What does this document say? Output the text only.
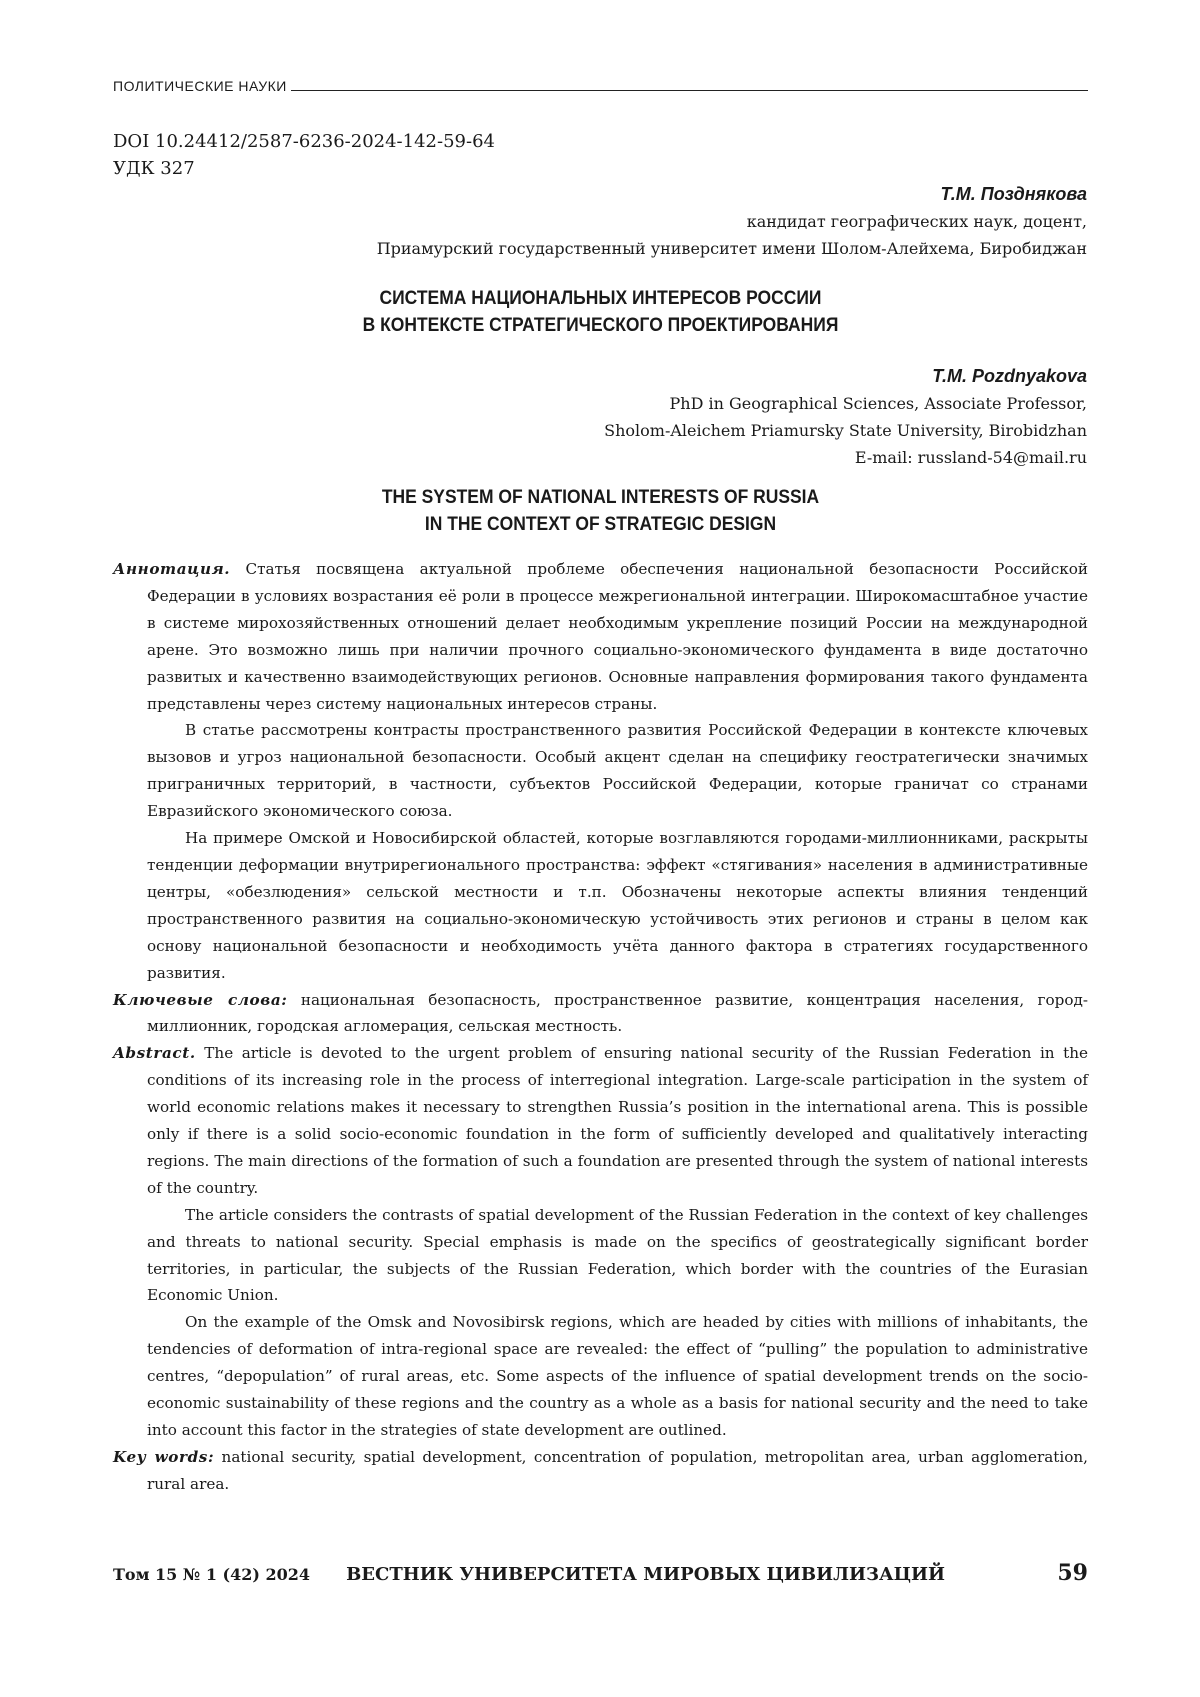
ПОЛИТИЧЕСКИЕ НАУКИ
DOI 10.24412/2587-6236-2024-142-59-64
УДК 327
Т.М. Позднякова
кандидат географических наук, доцент,
Приамурский государственный университет имени Шолом-Алейхема, Биробиджан
СИСТЕМА НАЦИОНАЛЬНЫХ ИНТЕРЕСОВ РОССИИ
В КОНТЕКСТЕ СТРАТЕГИЧЕСКОГО ПРОЕКТИРОВАНИЯ
T.M. Pozdnyakova
PhD in Geographical Sciences, Associate Professor,
Sholom-Aleichem Priamursky State University, Birobidzhan
E-mail: russland-54@mail.ru
THE SYSTEM OF NATIONAL INTERESTS OF RUSSIA
IN THE CONTEXT OF STRATEGIC DESIGN

Аннотация. Статья посвящена актуальной проблеме обеспечения национальной безопасности Российской Федерации в условиях возрастания её роли в процессе межрегиональной интеграции. Широкомасштабное участие в системе мирохозяйственных отношений делает необходимым укрепление позиций России на международной арене. Это возможно лишь при наличии прочного социально-экономического фундамента в виде достаточно развитых и качественно взаимодействующих регионов. Основные направления формирования такого фундамента представлены через систему национальных интересов страны.

В статье рассмотрены контрасты пространственного развития Российской Федерации в контексте ключевых вызовов и угроз национальной безопасности. Особый акцент сделан на специфику геостратегически значимых приграничных территорий, в частности, субъектов Российской Федерации, которые граничат со странами Евразийского экономического союза.

На примере Омской и Новосибирской областей, которые возглавляются городами-миллионниками, раскрыты тенденции деформации внутрирегионального пространства: эффект «стягивания» населения в административные центры, «обезлюдения» сельской местности и т.п. Обозначены некоторые аспекты влияния тенденций пространственного развития на социально-экономическую устойчивость этих регионов и страны в целом как основу национальной безопасности и необходимость учёта данного фактора в стратегиях государственного развития.

Ключевые слова: национальная безопасность, пространственное развитие, концентрация населения, город-миллионник, городская агломерация, сельская местность.

Abstract. The article is devoted to the urgent problem of ensuring national security of the Russian Federation in the conditions of its increasing role in the process of interregional integration. Large-scale participation in the system of world economic relations makes it necessary to strengthen Russia’s position in the international arena. This is possible only if there is a solid socio-economic foundation in the form of sufficiently developed and qualitatively interacting regions. The main directions of the formation of such a foundation are presented through the system of national interests of the country.

The article considers the contrasts of spatial development of the Russian Federation in the context of key challenges and threats to national security. Special emphasis is made on the specifics of geostrategically significant border territories, in particular, the subjects of the Russian Federation, which border with the countries of the Eurasian Economic Union.

On the example of the Omsk and Novosibirsk regions, which are headed by cities with millions of inhabitants, the tendencies of deformation of intra-regional space are revealed: the effect of “pulling” the population to administrative centres, “depopulation” of rural areas, etc. Some aspects of the influence of spatial development trends on the socio-economic sustainability of these regions and the country as a whole as a basis for national security and the need to take into account this factor in the strategies of state development are outlined.

Key words: national security, spatial development, concentration of population, metropolitan area, urban agglomeration, rural area.

Том 15 № 1 (42) 2024 ВЕСТНИК УНИВЕРСИТЕТА МИРОВЫХ ЦИВИЛИЗАЦИЙ	59
